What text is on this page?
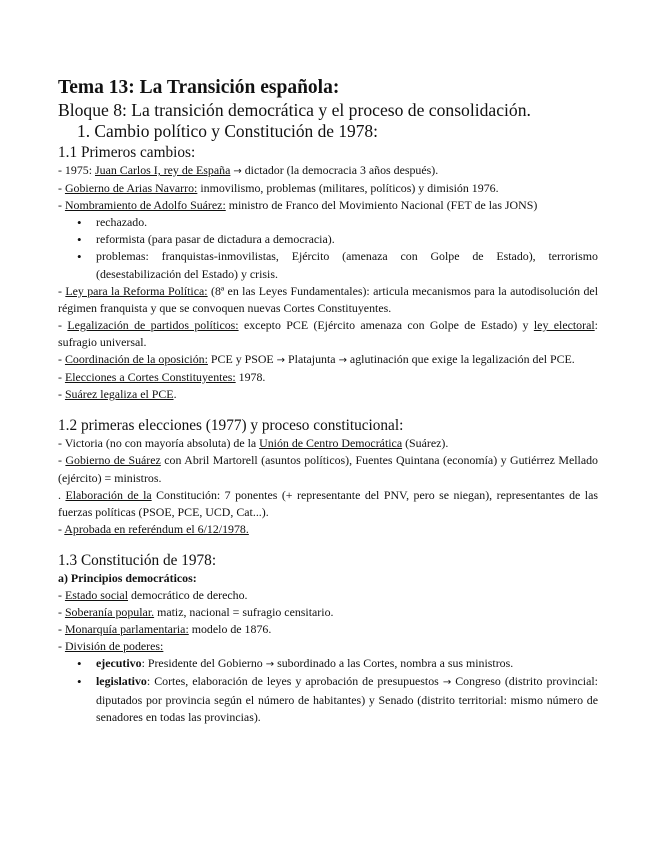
Tema 13: La Transición española:
Bloque 8: La transición democrática y el proceso de consolidación.
1. Cambio político y Constitución de 1978:
1.1 Primeros cambios:
- 1975: Juan Carlos I, rey de España → dictador (la democracia 3 años después).
- Gobierno de Arias Navarro: inmovilismo, problemas (militares, políticos) y dimisión 1976.
- Nombramiento de Adolfo Suárez: ministro de Franco del Movimiento Nacional (FET de las JONS)
• rechazado.
• reformista (para pasar de dictadura a democracia).
• problemas: franquistas-inmovilistas, Ejército (amenaza con Golpe de Estado), terrorismo (desestabilización del Estado) y crisis.
- Ley para la Reforma Política: (8ª en las Leyes Fundamentales): articula mecanismos para la autodisolución del régimen franquista y que se convoquen nuevas Cortes Constituyentes.
- Legalización de partidos políticos: excepto PCE (Ejército amenaza con Golpe de Estado) y ley electoral: sufragio universal.
- Coordinación de la oposición: PCE y PSOE → Platajunta → aglutinación que exige la legalización del PCE.
- Elecciones a Cortes Constituyentes: 1978.
- Suárez legaliza el PCE.
1.2 primeras elecciones (1977) y proceso constitucional:
- Victoria (no con mayoría absoluta) de la Unión de Centro Democrática (Suárez).
- Gobierno de Suárez con Abril Martorell (asuntos políticos), Fuentes Quintana (economía) y Gutiérrez Mellado (ejército) = ministros.
. Elaboración de la Constitución: 7 ponentes (+ representante del PNV, pero se niegan), representantes de las fuerzas políticas (PSOE, PCE, UCD, Cat...).
- Aprobada en referéndum el 6/12/1978.
1.3 Constitución de 1978:
a) Principios democráticos:
- Estado social democrático de derecho.
- Soberanía popular. matiz, nacional = sufragio censitario.
- Monarquía parlamentaria: modelo de 1876.
- División de poderes:
• ejecutivo: Presidente del Gobierno → subordinado a las Cortes, nombra a sus ministros.
• legislativo: Cortes, elaboración de leyes y aprobación de presupuestos → Congreso (distrito provincial: diputados por provincia según el número de habitantes) y Senado (distrito territorial: mismo número de senadores en todas las provincias).
